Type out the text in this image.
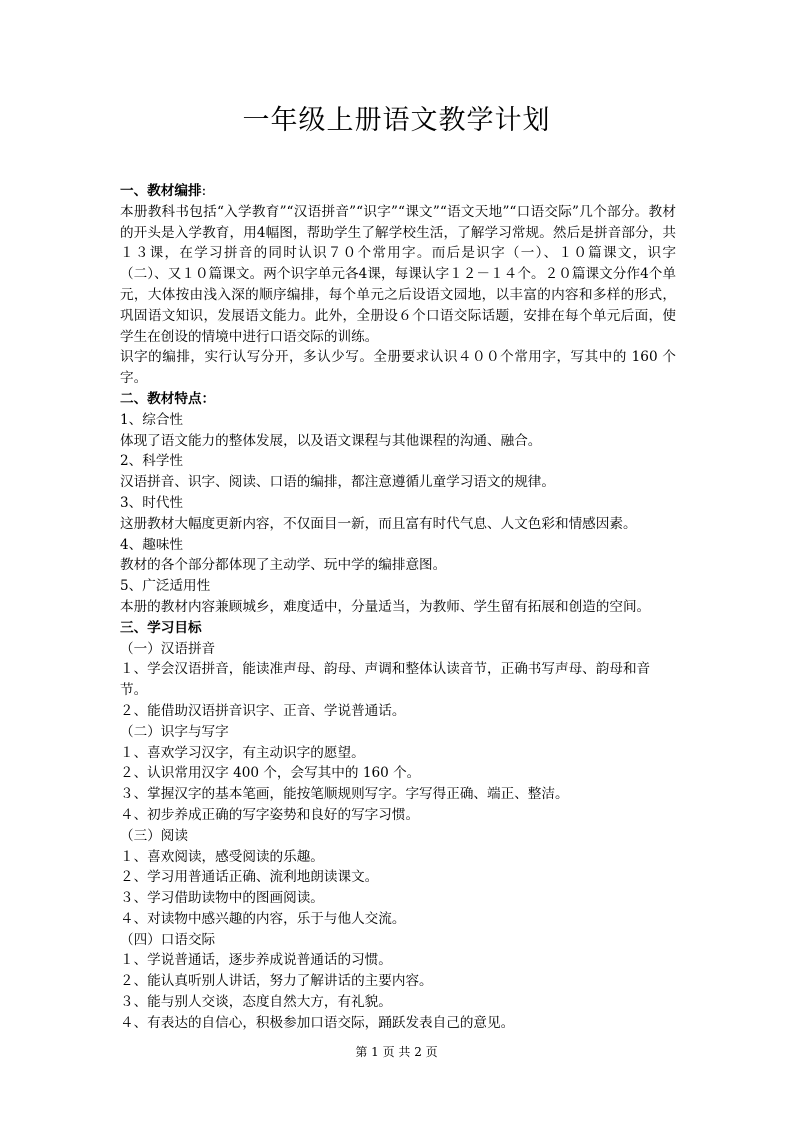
一年级上册语文教学计划

一、教材编排:

本册教科书包括“入学教育”“汉语拼音”“识字”“课文”“语文天地”“口语交际”几个部分。教材的开头是入学教育，用4幅图，帮助学生了解学校生活，了解学习常规。然后是拼音部分，共１３课，在学习拼音的同时认识７０个常用字。而后是识字（一）、１０篇课文，识字（二）、又１０篇课文。两个识字单元各4课，每课认字１２－１４个。２０篇课文分作4个单元，大体按由浅入深的顺序编排，每个单元之后设语文园地，以丰富的内容和多样的形式，巩固语文知识，发展语文能力。此外，全册设６个口语交际话题，安排在每个单元后面，使学生在创设的情境中进行口语交际的训练。

识字的编排，实行认写分开，多认少写。全册要求认识４００个常用字，写其中的 160 个字。

二、教材特点：

1、综合性

体现了语文能力的整体发展，以及语文课程与其他课程的沟通、融合。

2、科学性

汉语拼音、识字、阅读、口语的编排，都注意遵循儿童学习语文的规律。

3、时代性

这册教材大幅度更新内容，不仅面目一新，而且富有时代气息、人文色彩和情感因素。

4、趣味性

教材的各个部分都体现了主动学、玩中学的编排意图。

5、广泛适用性

本册的教材内容兼顾城乡，难度适中，分量适当，为教师、学生留有拓展和创造的空间。

三、学习目标

（一）汉语拼音

１、学会汉语拼音，能读准声母、韵母、声调和整体认读音节，正确书写声母、韵母和音节。

２、能借助汉语拼音识字、正音、学说普通话。

（二）识字与写字

１、喜欢学习汉字，有主动识字的愿望。

２、认识常用汉字 400 个，会写其中的 160 个。

３、掌握汉字的基本笔画，能按笔顺规则写字。字写得正确、端正、整洁。

４、初步养成正确的写字姿势和良好的写字习惯。

（三）阅读

１、喜欢阅读，感受阅读的乐趣。

２、学习用普通话正确、流利地朗读课文。

３、学习借助读物中的图画阅读。

４、对读物中感兴趣的内容，乐于与他人交流。

（四）口语交际

１、学说普通话，逐步养成说普通话的习惯。

２、能认真听别人讲话，努力了解讲话的主要内容。

３、能与别人交谈，态度自然大方，有礼貌。

４、有表达的自信心，积极参加口语交际，踊跃发表自己的意见。

第 1 页 共 2 页
